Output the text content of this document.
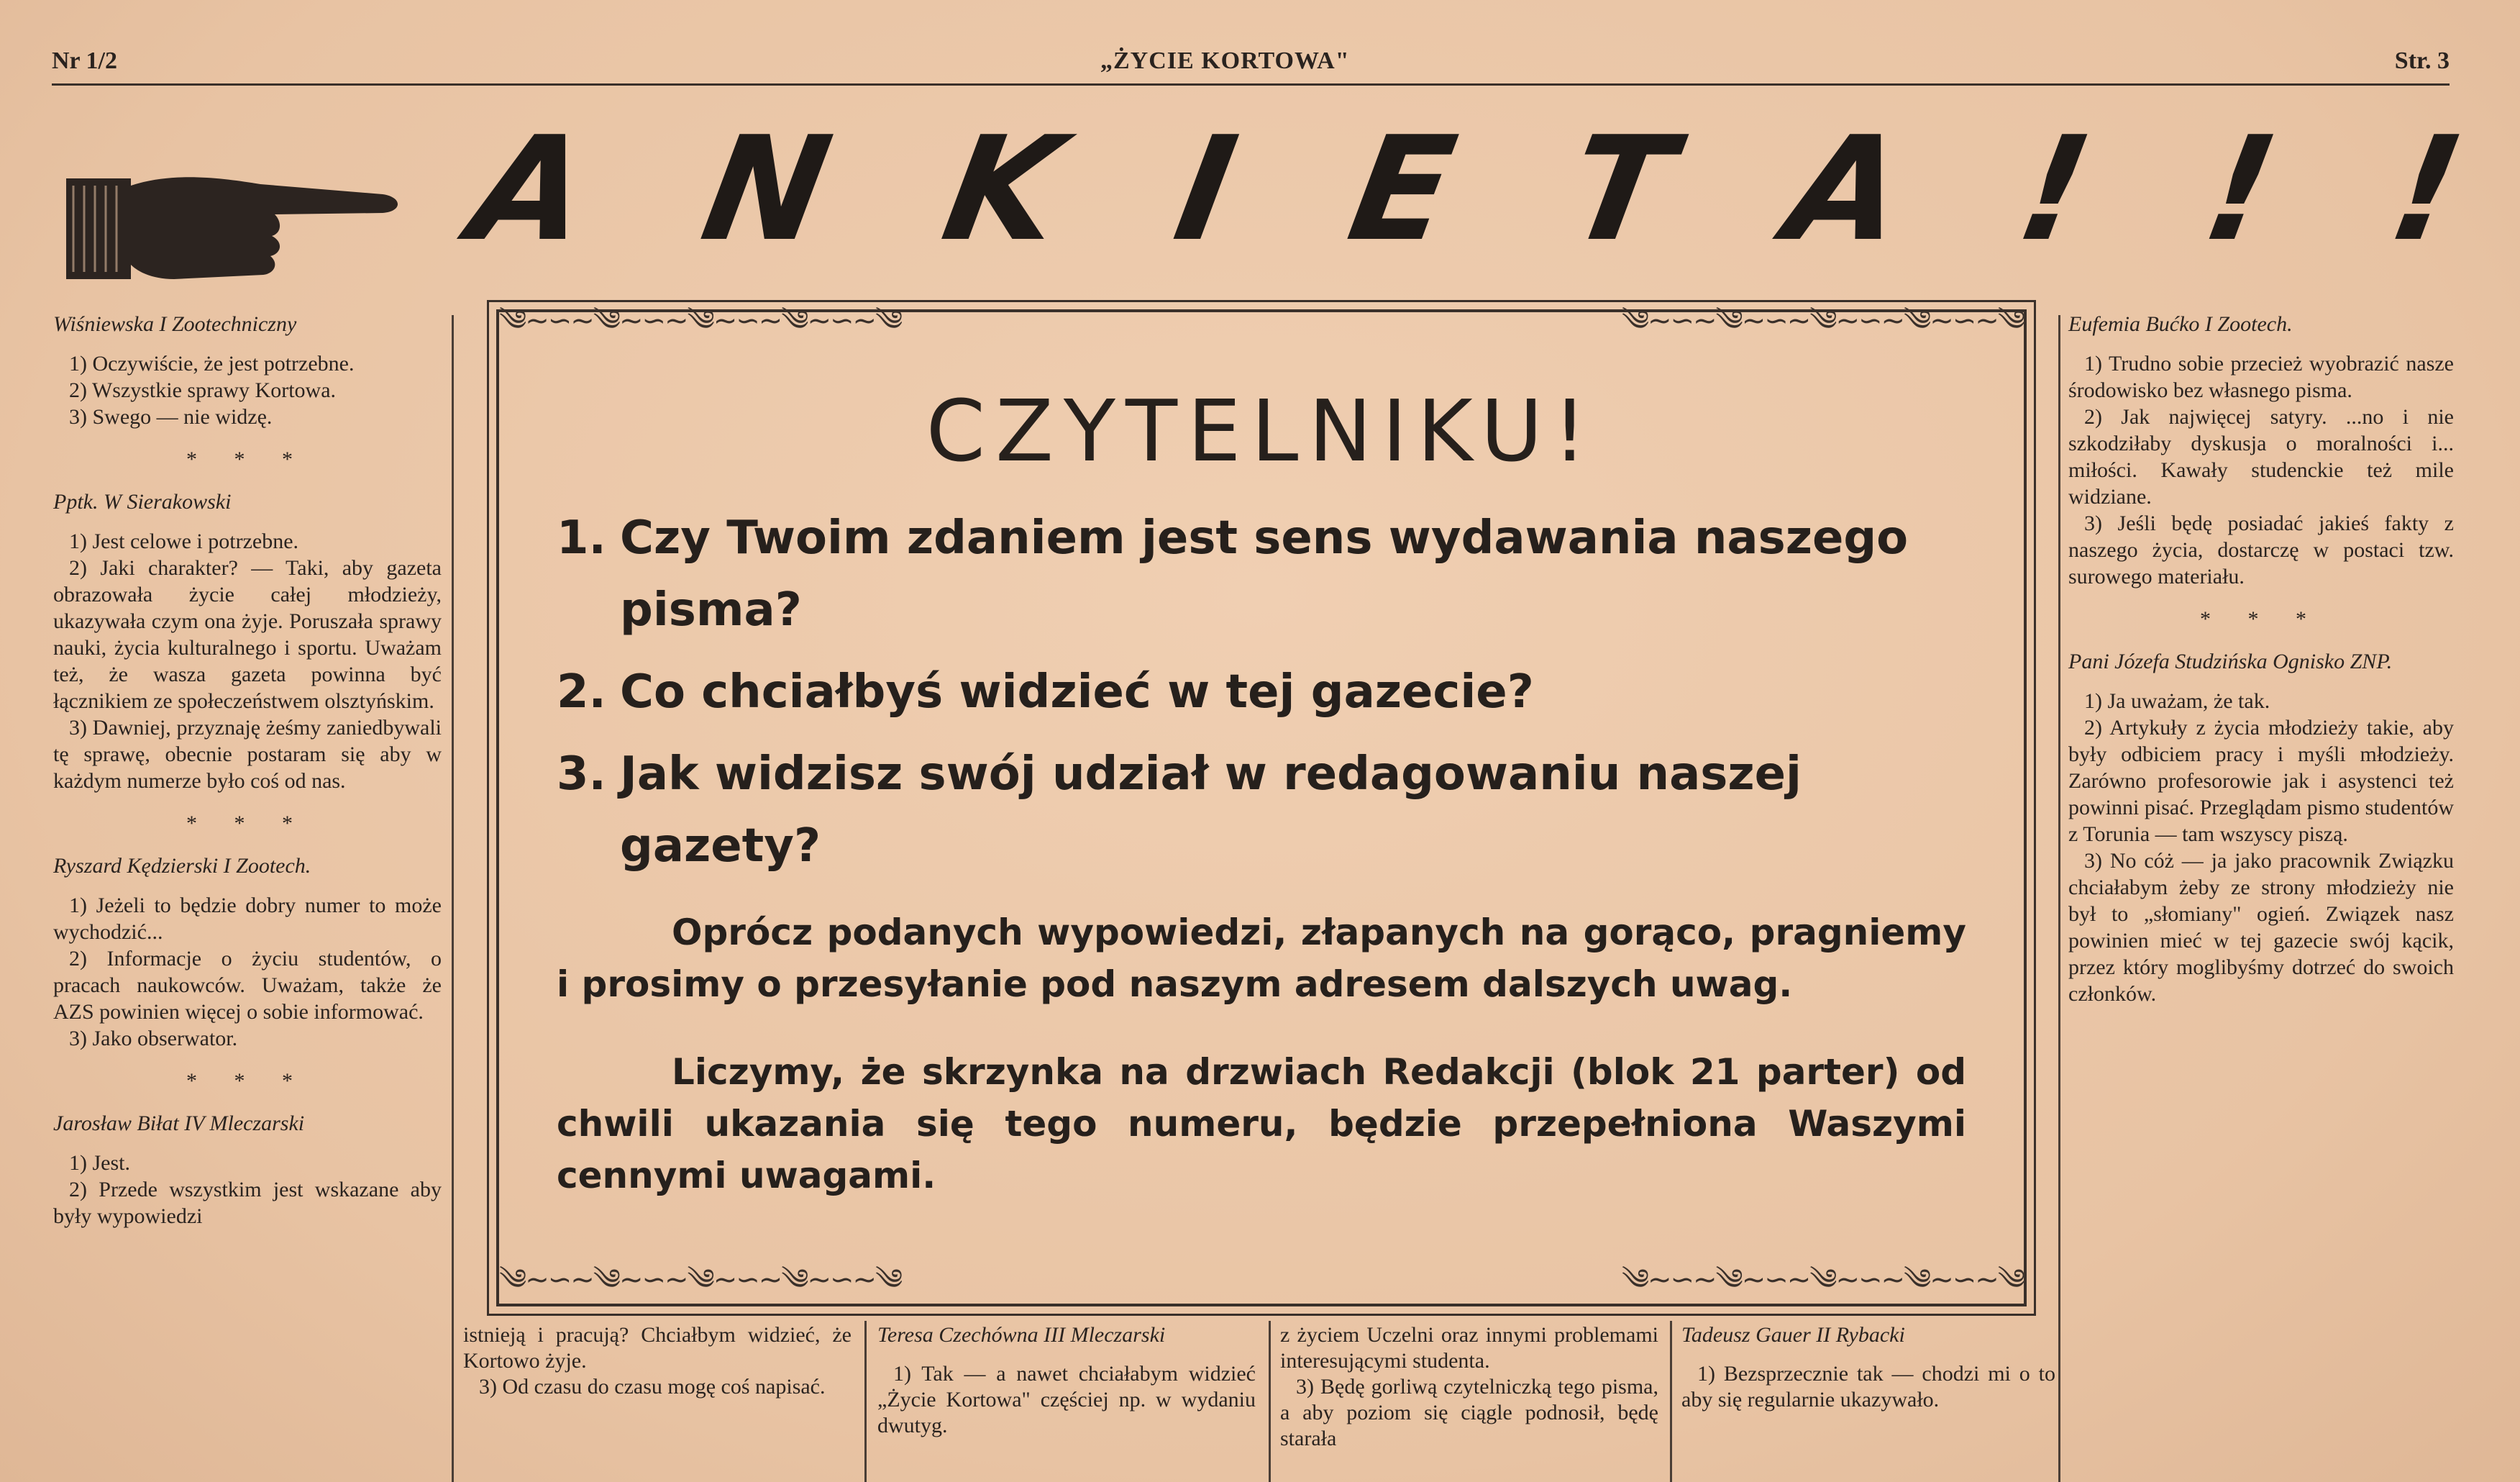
Nr 1/2	„ŻYCIE KORTOWA"	Str. 3
A N K I E T A ! ! !

Wiśniewska I Zootechniczny

1) Oczywiście, że jest potrzebne.

2) Wszystkie sprawy Kortowa.

3) Swego — nie widzę.

* * *

Pptk. W Sierakowski

1) Jest celowe i potrzebne.

2) Jaki charakter? — Taki, aby gazeta obrazowała życie całej młodzieży, ukazywała czym ona żyje. Poruszała sprawy nauki, życia kulturalnego i sportu. Uważam też, że wasza gazeta powinna być łącznikiem ze społeczeństwem olsztyńskim.

3) Dawniej, przyznaję żeśmy zaniedbywali tę sprawę, obecnie postaram się aby w każdym numerze było coś od nas.

* * *

Ryszard Kędzierski I Zootech.

1) Jeżeli to będzie dobry numer to może wychodzić...

2) Informacje o życiu studentów, o pracach naukowców. Uważam, także że AZS powinien więcej o sobie informować.

3) Jako obserwator.

* * *

Jarosław Biłat IV Mleczarski

1) Jest.

2) Przede wszystkim jest wskazane aby były wypowiedzi

༄~∽~༄~∽~༄~∽~༄~∽~༄	༄~∽~༄~∽~༄~∽~༄~∽~༄
༄~∽~༄~∽~༄~∽~༄~∽~༄	༄~∽~༄~∽~༄~∽~༄~∽~༄
CZYTELNIKU!
1. Czy Twoim zdaniem jest sens wydawania naszego pisma?
2. Co chciałbyś widzieć w tej gazecie?
3. Jak widzisz swój udział w redagowaniu naszej gazety?

Oprócz podanych wypowiedzi, złapanych na gorąco, pragniemy i prosimy o przesyłanie pod naszym adresem dalszych uwag.

Liczymy, że skrzynka na drzwiach Redakcji (blok 21 parter) od chwili ukazania się tego numeru, będzie przepełniona Waszymi cennymi uwagami.

Eufemia Bućko I Zootech.

1) Trudno sobie przecież wyobrazić nasze środowisko bez własnego pisma.

2) Jak najwięcej satyry. ...no i nie szkodziłaby dyskusja o moralności i... miłości. Kawały studenckie też mile widziane.

3) Jeśli będę posiadać jakieś fakty z naszego życia, dostarczę w postaci tzw. surowego materiału.

* * *

Pani Józefa Studzińska Ognisko ZNP.

1) Ja uważam, że tak.

2) Artykuły z życia młodzieży takie, aby były odbiciem pracy i myśli młodzieży. Zarówno profesorowie jak i asystenci też powinni pisać. Przeglądam pismo studentów z Torunia — tam wszyscy piszą.

3) No cóż — ja jako pracownik Związku chciałabym żeby ze strony młodzieży nie był to „słomiany" ogień. Związek nasz powinien mieć w tej gazecie swój kącik, przez który moglibyśmy dotrzeć do swoich członków.

istnieją i pracują? Chciałbym widzieć, że Kortowo żyje.

3) Od czasu do czasu mogę coś napisać.

Teresa Czechówna III Mleczarski

1) Tak — a nawet chciałabym widzieć „Życie Kortowa" częściej np. w wydaniu dwutyg.

z życiem Uczelni oraz innymi problemami interesującymi studenta.

3) Będę gorliwą czytelniczką tego pisma, a aby poziom się ciągle podnosił, będę starała

Tadeusz Gauer II Rybacki

1) Bezsprzecznie tak — chodzi mi o to aby się regularnie ukazywało.
